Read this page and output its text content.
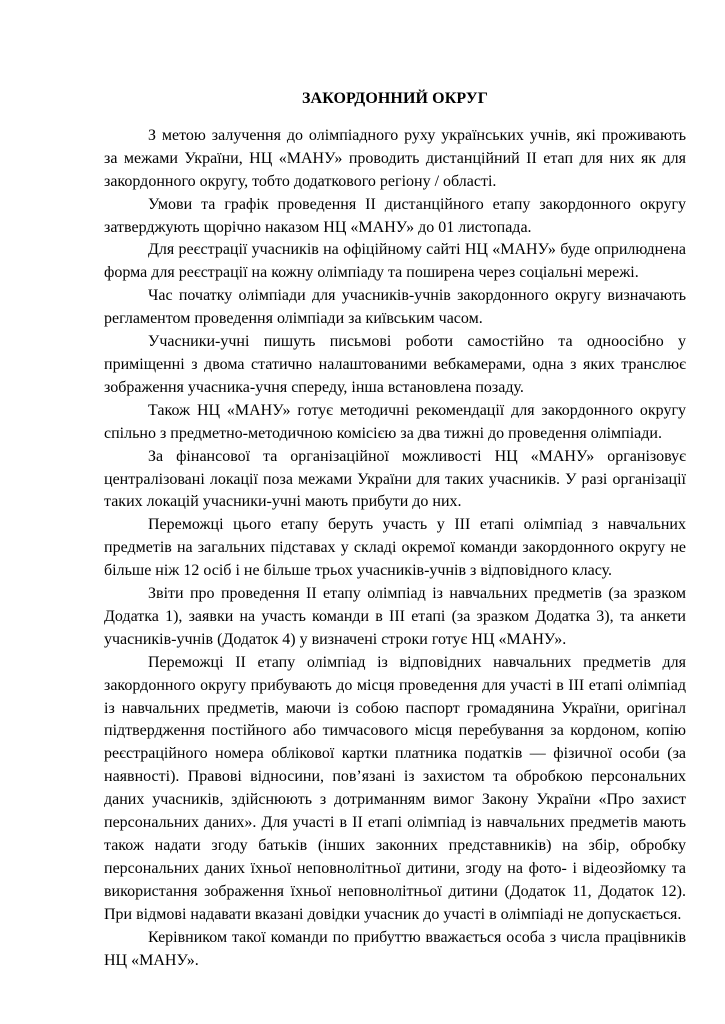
ЗАКОРДОННИЙ ОКРУГ

З метою залучення до олімпіадного руху українських учнів, які проживають за межами України, НЦ «МАНУ» проводить дистанційний ІІ етап для них як для закордонного округу, тобто додаткового регіону / області.

Умови та графік проведення ІІ дистанційного етапу закордонного округу затверджують щорічно наказом НЦ «МАНУ» до 01 листопада.

Для реєстрації учасників на офіційному сайті НЦ «МАНУ» буде оприлюднена форма для реєстрації на кожну олімпіаду та поширена через соціальні мережі.

Час початку олімпіади для учасників-учнів закордонного округу визначають регламентом проведення олімпіади за київським часом.

Учасники-учні пишуть письмові роботи самостійно та одноосібно у приміщенні з двома статично налаштованими вебкамерами, одна з яких транслює зображення учасника-учня спереду, інша встановлена позаду.

Також НЦ «МАНУ» готує методичні рекомендації для закордонного округу спільно з предметно-методичною комісією за два тижні до проведення олімпіади.

За фінансової та організаційної можливості НЦ «МАНУ» організовує централізовані локації поза межами України для таких учасників. У разі організації таких локацій учасники-учні мають прибути до них.

Переможці цього етапу беруть участь у ІІІ етапі олімпіад з навчальних предметів на загальних підставах у складі окремої команди закордонного округу не більше ніж 12 осіб і не більше трьох учасників-учнів з відповідного класу.

Звіти про проведення ІІ етапу олімпіад із навчальних предметів (за зразком Додатка 1), заявки на участь команди в ІІІ етапі (за зразком Додатка 3), та анкети учасників-учнів (Додаток 4) у визначені строки готує НЦ «МАНУ».

Переможці ІІ етапу олімпіад із відповідних навчальних предметів для закордонного округу прибувають до місця проведення для участі в ІІІ етапі олімпіад із навчальних предметів, маючи із собою паспорт громадянина України, оригінал підтвердження постійного або тимчасового місця перебування за кордоном, копію реєстраційного номера облікової картки платника податків — фізичної особи (за наявності). Правові відносини, пов’язані із захистом та обробкою персональних даних учасників, здійснюють з дотриманням вимог Закону України «Про захист персональних даних». Для участі в ІІ етапі олімпіад із навчальних предметів мають також надати згоду батьків (інших законних представників) на збір, обробку персональних даних їхньої неповнолітньої дитини, згоду на фото- і відеозйомку та використання зображення їхньої неповнолітньої дитини (Додаток 11, Додаток 12). При відмові надавати вказані довідки учасник до участі в олімпіаді не допускається.

Керівником такої команди по прибуттю вважається особа з числа працівників НЦ «МАНУ».
